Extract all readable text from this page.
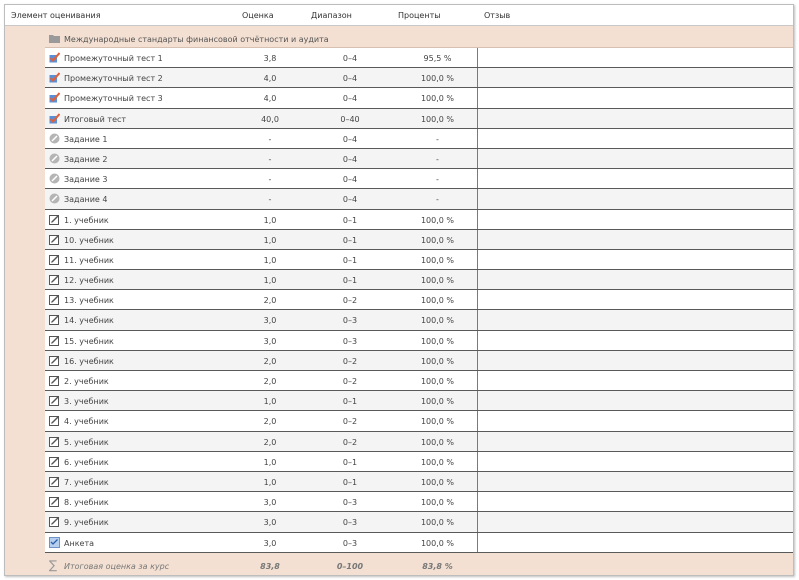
Элемент оценивания	Оценка	Диапазон	Проценты	Отзыв
Международные стандарты финансовой отчётности и аудита
Промежуточный тест 1	3,8	0–4	95,5 %
Промежуточный тест 2	4,0	0–4	100,0 %
Промежуточный тест 3	4,0	0–4	100,0 %
Итоговый тест	40,0	0–40	100,0 %
Задание 1	-	0–4	-
Задание 2	-	0–4	-
Задание 3	-	0–4	-
Задание 4	-	0–4	-
1. учебник	1,0	0–1	100,0 %
10. учебник	1,0	0–1	100,0 %
11. учебник	1,0	0–1	100,0 %
12. учебник	1,0	0–1	100,0 %
13. учебник	2,0	0–2	100,0 %
14. учебник	3,0	0–3	100,0 %
15. учебник	3,0	0–3	100,0 %
16. учебник	2,0	0–2	100,0 %
2. учебник	2,0	0–2	100,0 %
3. учебник	1,0	0–1	100,0 %
4. учебник	2,0	0–2	100,0 %
5. учебник	2,0	0–2	100,0 %
6. учебник	1,0	0–1	100,0 %
7. учебник	1,0	0–1	100,0 %
8. учебник	3,0	0–3	100,0 %
9. учебник	3,0	0–3	100,0 %
Анкета	3,0	0–3	100,0 %
∑ Итоговая оценка за курс	83,8	0–100	83,8 %
